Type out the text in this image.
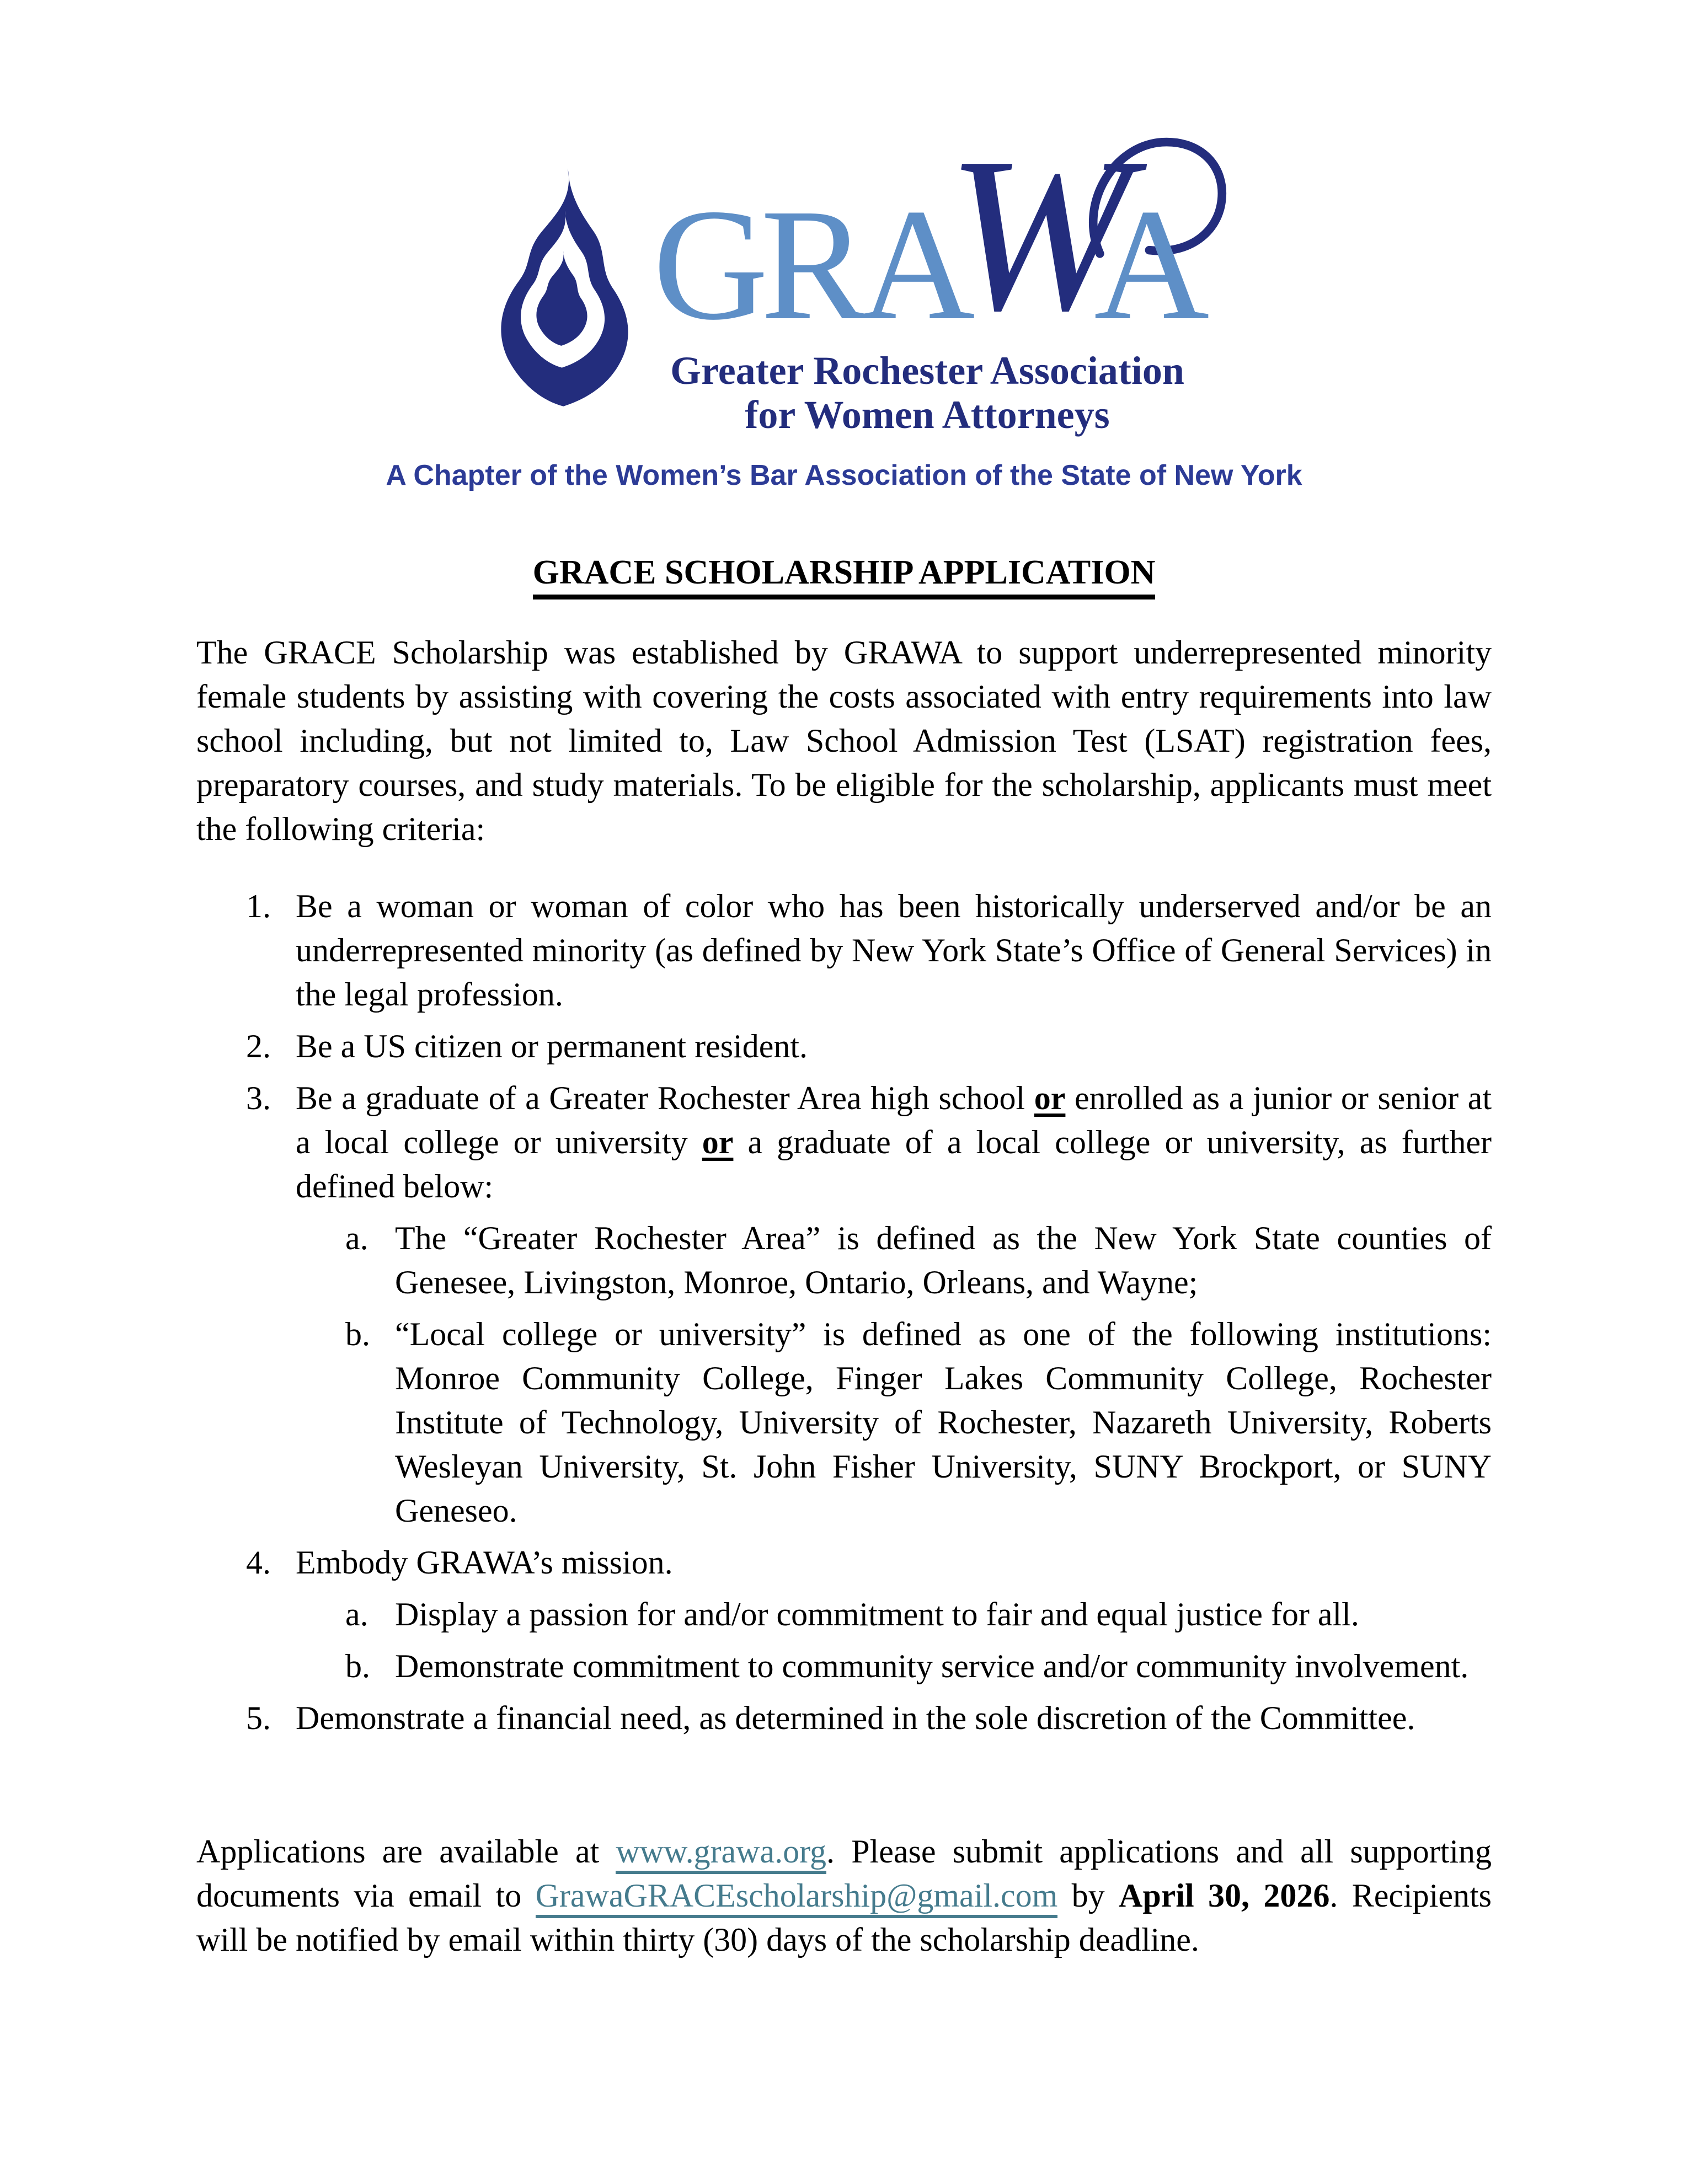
G R A
W
A
Greater Rochester Association
for Women Attorneys
A Chapter of the Women’s Bar Association of the State of New York
GRACE SCHOLARSHIP APPLICATION

The GRACE Scholarship was established by GRAWA to support underrepresented minority female students by assisting with covering the costs associated with entry requirements into law school including, but not limited to, Law School Admission Test (LSAT) registration fees, preparatory courses, and study materials. To be eligible for the scholarship, applicants must meet the following criteria:

1. Be a woman or woman of color who has been historically underserved and/or be an underrepresented minority (as defined by New York State’s Office of General Services) in the legal profession.
2. Be a US citizen or permanent resident.
3. Be a graduate of a Greater Rochester Area high school or enrolled as a junior or senior at a local college or university or a graduate of a local college or university, as further defined below:
a. The “Greater Rochester Area” is defined as the New York State counties of Genesee, Livingston, Monroe, Ontario, Orleans, and Wayne;
b. “Local college or university” is defined as one of the following institutions: Monroe Community College, Finger Lakes Community College, Rochester Institute of Technology, University of Rochester, Nazareth University, Roberts Wesleyan University, St. John Fisher University, SUNY Brockport, or SUNY Geneseo.
4. Embody GRAWA’s mission.
a. Display a passion for and/or commitment to fair and equal justice for all.
b. Demonstrate commitment to community service and/or community involvement.
5. Demonstrate a financial need, as determined in the sole discretion of the Committee.

Applications are available at www.grawa.org. Please submit applications and all supporting documents via email to GrawaGRACEscholarship@gmail.com by April 30, 2026. Recipients will be notified by email within thirty (30) days of the scholarship deadline.
